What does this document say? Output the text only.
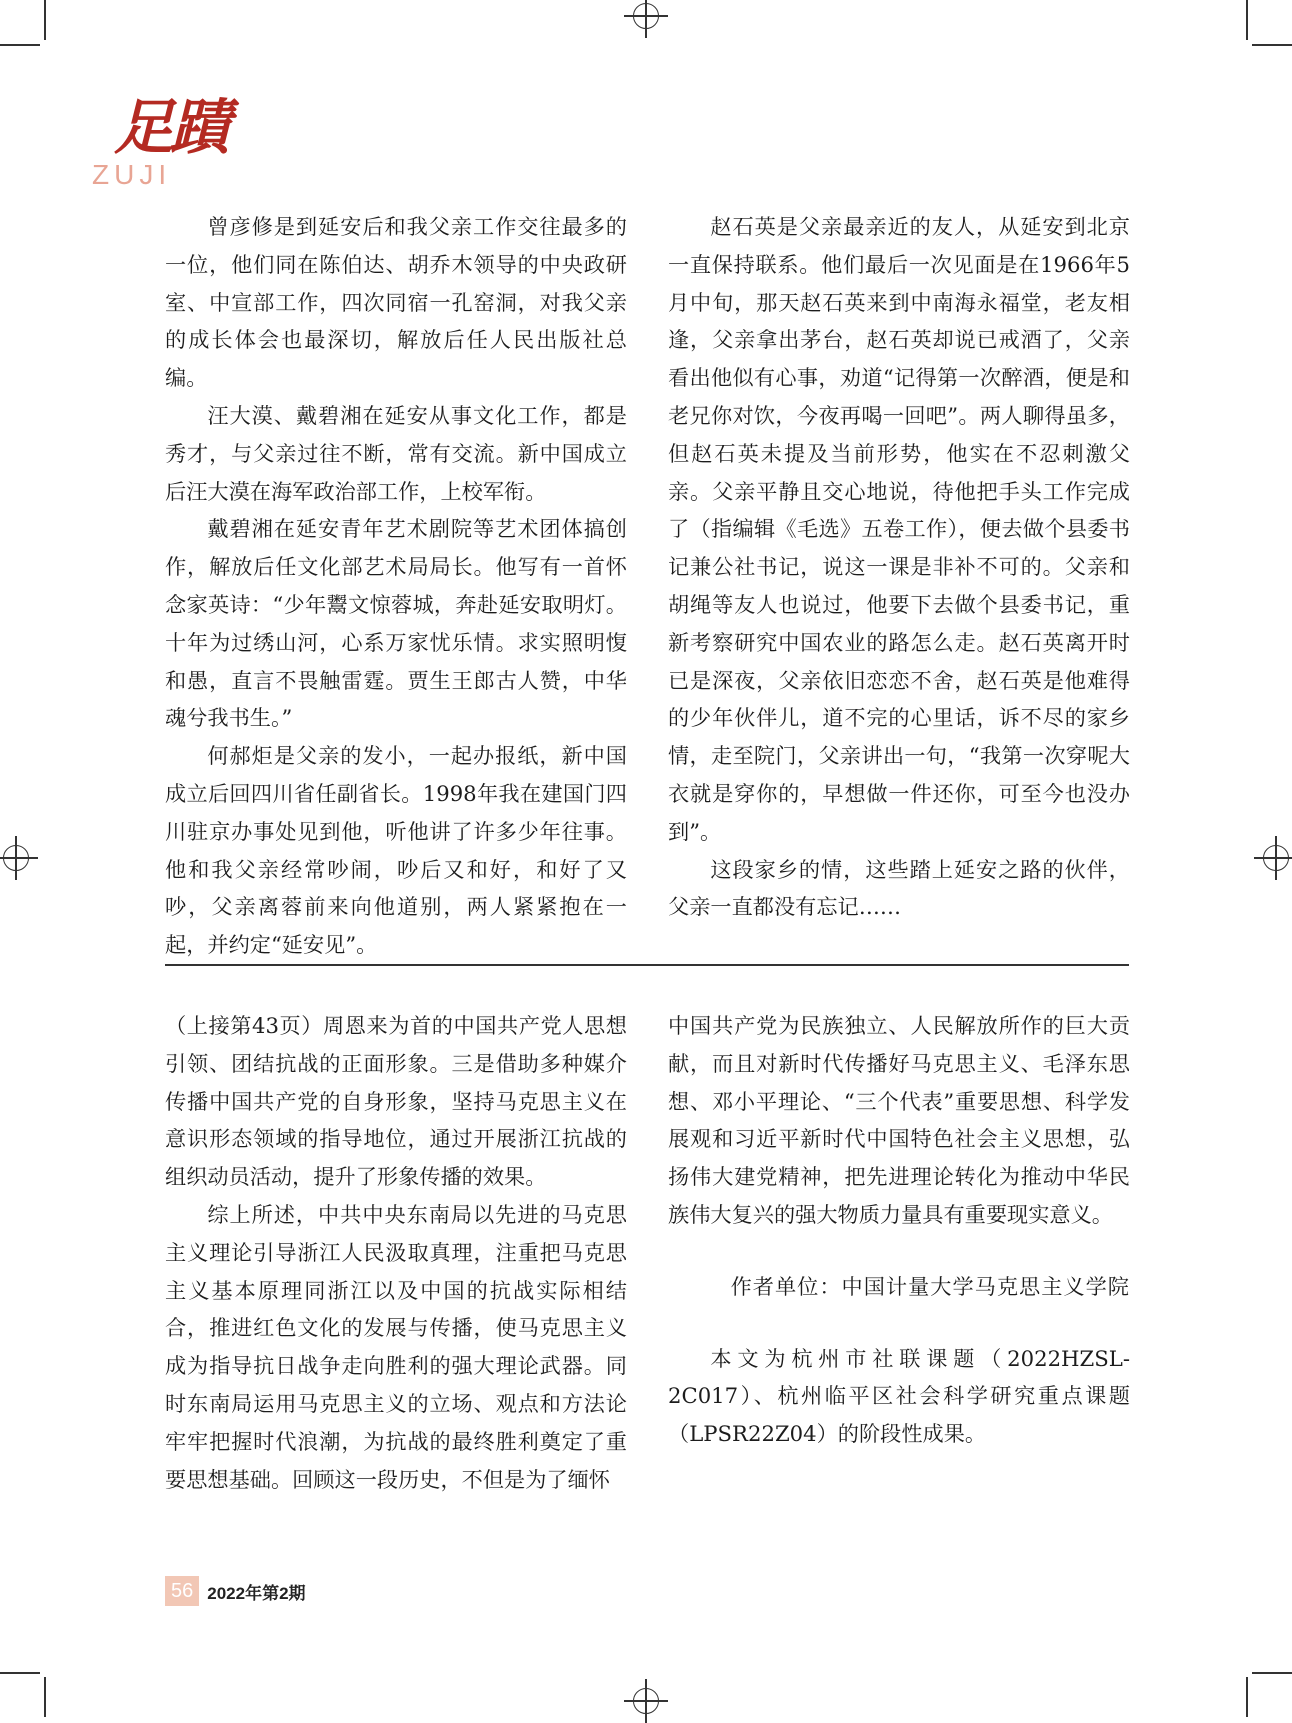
足蹟
ZUJI

曾彦修是到延安后和我父亲工作交往最多的一位，他们同在陈伯达、胡乔木领导的中央政研室、中宣部工作，四次同宿一孔窑洞，对我父亲的成长体会也最深切，解放后任人民出版社总编。

汪大漠、戴碧湘在延安从事文化工作，都是秀才，与父亲过往不断，常有交流。新中国成立后汪大漠在海军政治部工作，上校军衔。

戴碧湘在延安青年艺术剧院等艺术团体搞创作，解放后任文化部艺术局局长。他写有一首怀念家英诗：“少年鬻文惊蓉城，奔赴延安取明灯。十年为过绣山河，心系万家忧乐情。求实照明愎和愚，直言不畏触雷霆。贾生王郎古人赞，中华魂兮我书生。”

何郝炬是父亲的发小，一起办报纸，新中国成立后回四川省任副省长。1998年我在建国门四川驻京办事处见到他，听他讲了许多少年往事。他和我父亲经常吵闹，吵后又和好，和好了又吵，父亲离蓉前来向他道别，两人紧紧抱在一起，并约定“延安见”。

赵石英是父亲最亲近的友人，从延安到北京一直保持联系。他们最后一次见面是在1966年5月中旬，那天赵石英来到中南海永福堂，老友相逢，父亲拿出茅台，赵石英却说已戒酒了，父亲看出他似有心事，劝道“记得第一次醉酒，便是和老兄你对饮，今夜再喝一回吧”。两人聊得虽多，但赵石英未提及当前形势，他实在不忍刺激父亲。父亲平静且交心地说，待他把手头工作完成了（指编辑《毛选》五卷工作），便去做个县委书记兼公社书记，说这一课是非补不可的。父亲和胡绳等友人也说过，他要下去做个县委书记，重新考察研究中国农业的路怎么走。赵石英离开时已是深夜，父亲依旧恋恋不舍，赵石英是他难得的少年伙伴儿，道不完的心里话，诉不尽的家乡情，走至院门，父亲讲出一句，“我第一次穿呢大衣就是穿你的，早想做一件还你，可至今也没办到”。

这段家乡的情，这些踏上延安之路的伙伴，父亲一直都没有忘记……

（上接第43页）周恩来为首的中国共产党人思想引领、团结抗战的正面形象。三是借助多种媒介传播中国共产党的自身形象，坚持马克思主义在意识形态领域的指导地位，通过开展浙江抗战的组织动员活动，提升了形象传播的效果。

综上所述，中共中央东南局以先进的马克思主义理论引导浙江人民汲取真理，注重把马克思主义基本原理同浙江以及中国的抗战实际相结合，推进红色文化的发展与传播，使马克思主义成为指导抗日战争走向胜利的强大理论武器。同时东南局运用马克思主义的立场、观点和方法论牢牢把握时代浪潮，为抗战的最终胜利奠定了重要思想基础。回顾这一段历史，不但是为了缅怀

中国共产党为民族独立、人民解放所作的巨大贡献，而且对新时代传播好马克思主义、毛泽东思想、邓小平理论、“三个代表”重要思想、科学发展观和习近平新时代中国特色社会主义思想，弘扬伟大建党精神，把先进理论转化为推动中华民族伟大复兴的强大物质力量具有重要现实意义。

作者单位：中国计量大学马克思主义学院

本文为杭州市社联课题（2022HZSL-2C017）、杭州临平区社会科学研究重点课题（LPSR22Z04）的阶段性成果。

56 2022年第2期
